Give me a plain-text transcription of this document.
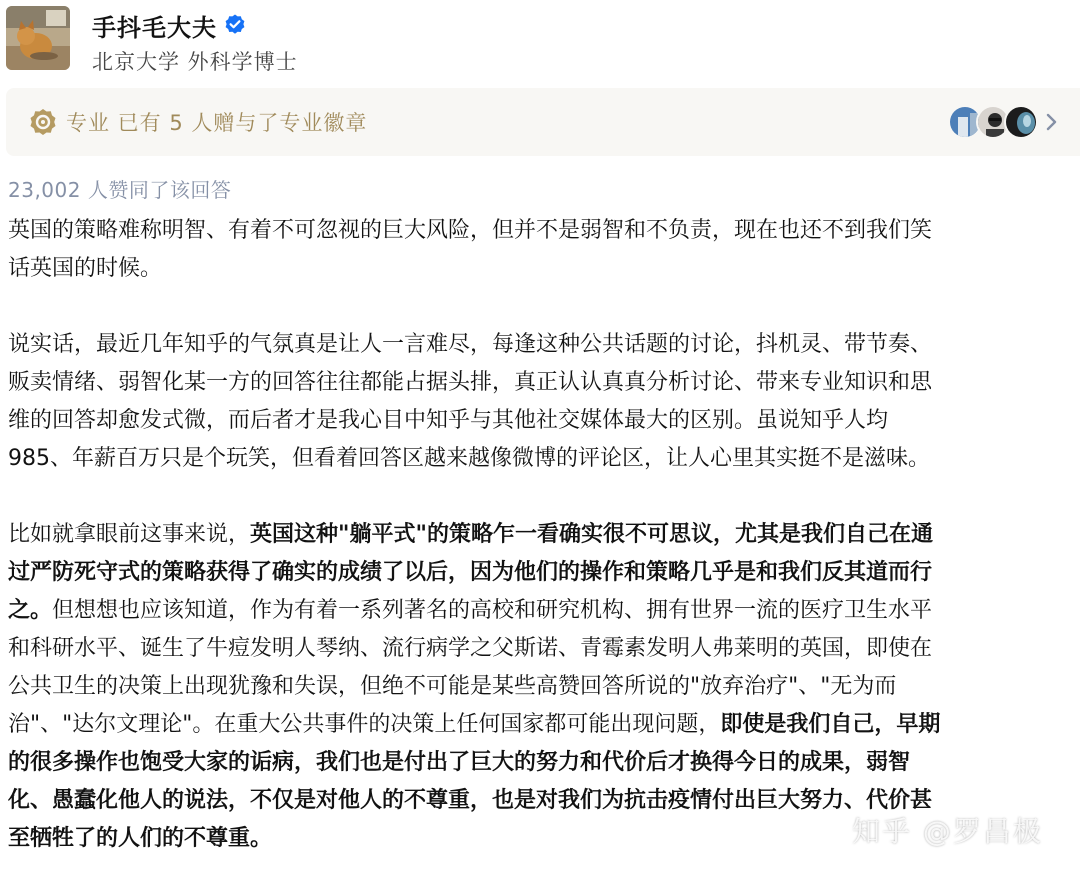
手抖毛大夫
北京大学 外科学博士
专业 已有 5 人赠与了专业徽章
23,002 人赞同了该回答
英国的策略难称明智、有着不可忽视的巨大风险，但并不是弱智和不负责，现在也还不到我们笑
话英国的时候。
说实话，最近几年知乎的气氛真是让人一言难尽，每逢这种公共话题的讨论，抖机灵、带节奏、
贩卖情绪、弱智化某一方的回答往往都能占据头排，真正认认真真分析讨论、带来专业知识和思
维的回答却愈发式微，而后者才是我心目中知乎与其他社交媒体最大的区别。虽说知乎人均
985、年薪百万只是个玩笑，但看着回答区越来越像微博的评论区，让人心里其实挺不是滋味。
比如就拿眼前这事来说，英国这种"躺平式"的策略乍一看确实很不可思议，尤其是我们自己在通
过严防死守式的策略获得了确实的成绩了以后，因为他们的操作和策略几乎是和我们反其道而行
之。但想想也应该知道，作为有着一系列著名的高校和研究机构、拥有世界一流的医疗卫生水平
和科研水平、诞生了牛痘发明人琴纳、流行病学之父斯诺、青霉素发明人弗莱明的英国，即使在
公共卫生的决策上出现犹豫和失误，但绝不可能是某些高赞回答所说的"放弃治疗"、"无为而
治"、"达尔文理论"。在重大公共事件的决策上任何国家都可能出现问题，即使是我们自己，早期
的很多操作也饱受大家的诟病，我们也是付出了巨大的努力和代价后才换得今日的成果，弱智
化、愚蠢化他人的说法，不仅是对他人的不尊重，也是对我们为抗击疫情付出巨大努力、代价甚
至牺牲了的人们的不尊重。	知乎 @罗昌极
